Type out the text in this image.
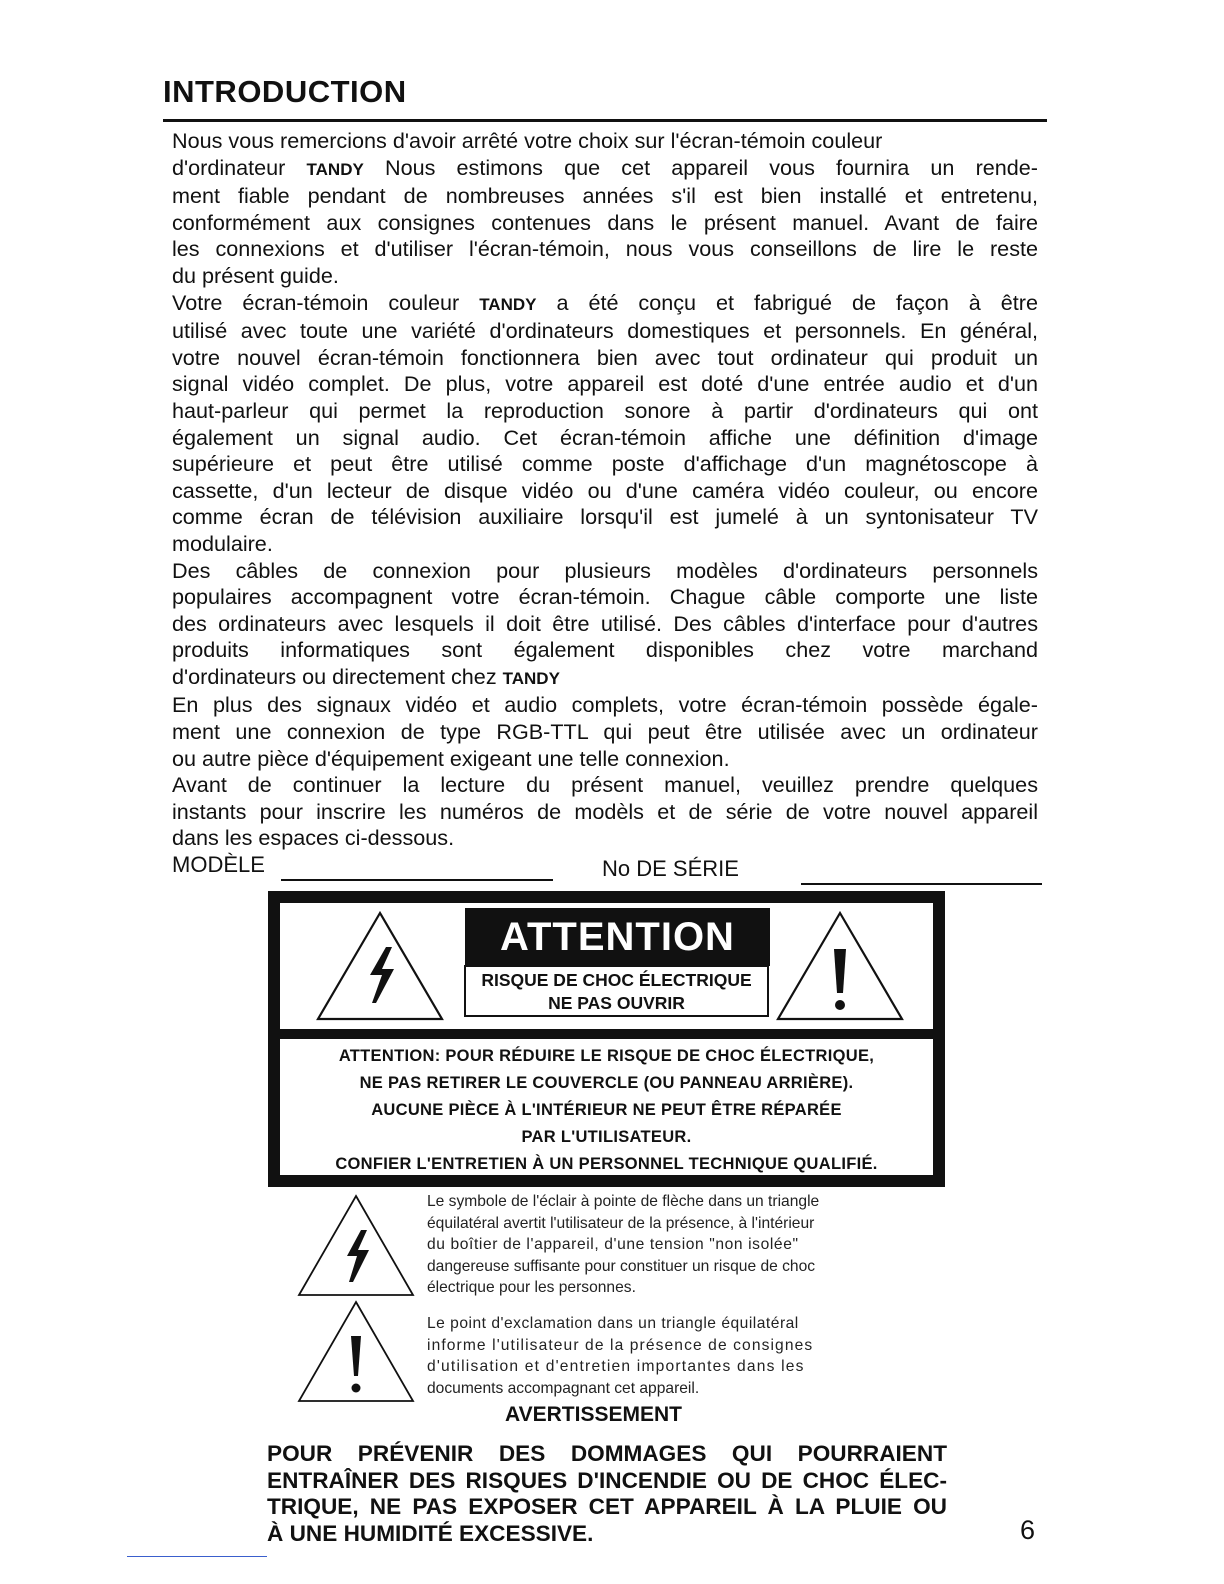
INTRODUCTION
Nous vous remercions d'avoir arrêté votre choix sur l'écran-témoin couleur
d'ordinateur TANDY Nous estimons que cet appareil vous fournira un rende-
ment fiable pendant de nombreuses années s'il est bien installé et entretenu,
conformément aux consignes contenues dans le présent manuel. Avant de faire
les connexions et d'utiliser l'écran-témoin, nous vous conseillons de lire le reste
du présent guide.
Votre écran-témoin couleur TANDY a été conçu et fabrigué de façon à être
utilisé avec toute une variété d'ordinateurs domestiques et personnels. En général,
votre nouvel écran-témoin fonctionnera bien avec tout ordinateur qui produit un
signal vidéo complet. De plus, votre appareil est doté d'une entrée audio et d'un
haut-parleur qui permet la reproduction sonore à partir d'ordinateurs qui ont
également un signal audio. Cet écran-témoin affiche une définition d'image
supérieure et peut être utilisé comme poste d'affichage d'un magnétoscope à
cassette, d'un lecteur de disque vidéo ou d'une caméra vidéo couleur, ou encore
comme écran de télévision auxiliaire lorsqu'il est jumelé à un syntonisateur TV
modulaire.
Des câbles de connexion pour plusieurs modèles d'ordinateurs personnels
populaires accompagnent votre écran-témoin. Chague câble comporte une liste
des ordinateurs avec lesquels il doit être utilisé. Des câbles d'interface pour d'autres
produits informatiques sont également disponibles chez votre marchand
d'ordinateurs ou directement chez TANDY
En plus des signaux vidéo et audio complets, votre écran-témoin possède égale-
ment une connexion de type RGB-TTL qui peut être utilisée avec un ordinateur
ou autre pièce d'équipement exigeant une telle connexion.
Avant de continuer la lecture du présent manuel, veuillez prendre quelques
instants pour inscrire les numéros de modèls et de série de votre nouvel appareil
dans les espaces ci-dessous.
MODÈLE	No DE SÉRIE
ATTENTION
RISQUE DE CHOC ÉLECTRIQUE
NE PAS OUVRIR
ATTENTION: POUR RÉDUIRE LE RISQUE DE CHOC ÉLECTRIQUE,
NE PAS RETIRER LE COUVERCLE (OU PANNEAU ARRIÈRE).
AUCUNE PIÈCE À L'INTÉRIEUR NE PEUT ÊTRE RÉPARÉE
PAR L'UTILISATEUR.
CONFIER L'ENTRETIEN À UN PERSONNEL TECHNIQUE QUALIFIÉ.
Le symbole de l'éclair à pointe de flèche dans un triangle
équilatéral avertit l'utilisateur de la présence, à l'intérieur
du boîtier de l'appareil, d'une tension "non isolée"
dangereuse suffisante pour constituer un risque de choc
électrique pour les personnes.
Le point d'exclamation dans un triangle équilatéral
informe l'utilisateur de la présence de consignes
d'utilisation et d'entretien importantes dans les
documents accompagnant cet appareil.
AVERTISSEMENT
POUR PRÉVENIR DES DOMMAGES QUI POURRAIENT
ENTRAÎNER DES RISQUES D'INCENDIE OU DE CHOC ÉLEC-
TRIQUE, NE PAS EXPOSER CET APPAREIL À LA PLUIE OU
À UNE HUMIDITÉ EXCESSIVE.	6
